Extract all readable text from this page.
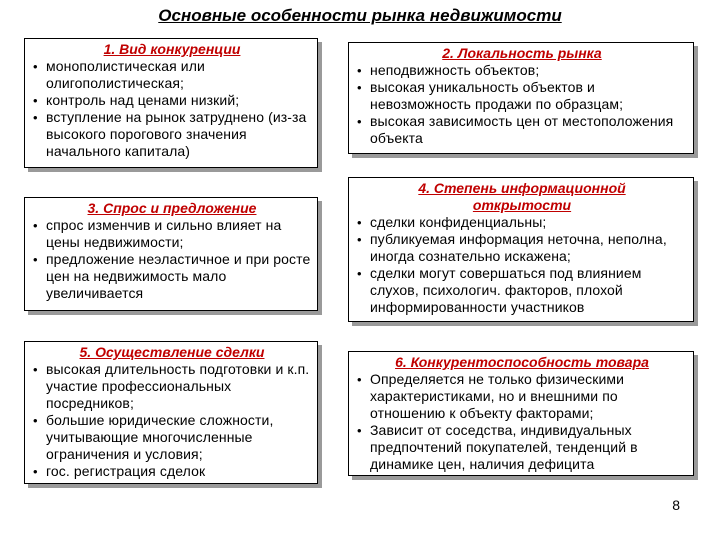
Основные особенности рынка недвижимости
1. Вид конкуренции
• монополистическая или олигополистическая;
• контроль над ценами низкий;
• вступление на рынок затруднено (из-за высокого порогового значения начального капитала)
2. Локальность рынка
• неподвижность объектов;
• высокая уникальность объектов и невозможность продажи по образцам;
• высокая зависимость цен от местоположения объекта
3. Спрос и предложение
• спрос изменчив и сильно влияет на цены недвижимости;
• предложение неэластичное и при росте цен на недвижимость мало увеличивается
4. Степень информационной открытости
• сделки конфиденциальны;
• публикуемая информация неточна, неполна, иногда сознательно искажена;
• сделки могут совершаться под влиянием слухов, психологич. факторов, плохой информированности участников
5. Осуществление сделки
• высокая длительность подготовки и к.п. участие профессиональных посредников;
• большие юридические сложности, учитывающие многочисленные ограничения и условия;
• гос. регистрация сделок
6. Конкурентоспособность товара
• Определяется не только физическими характеристиками, но и внешними по отношению к объекту факторами;
• Зависит от соседства, индивидуальных предпочтений покупателей, тенденций в динамике цен, наличия дефицита
8
